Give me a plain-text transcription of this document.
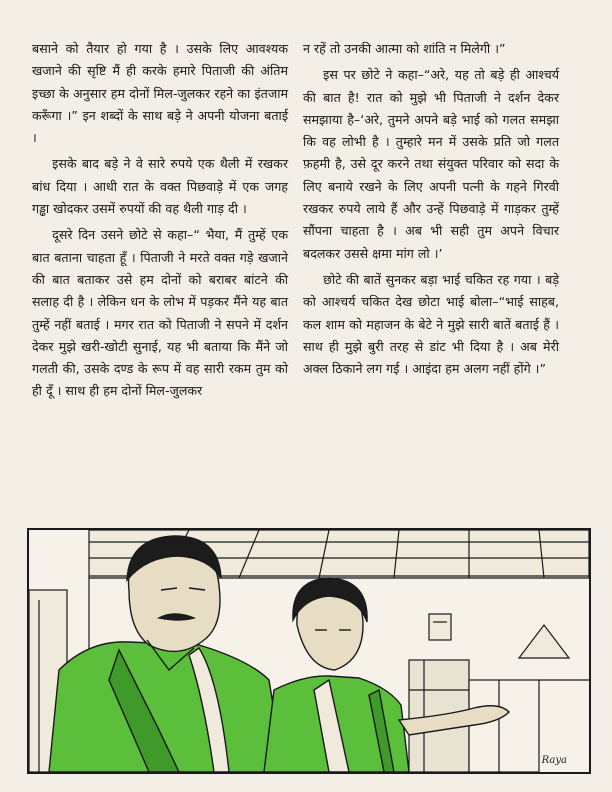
बसाने को तैयार हो गया है । उसके लिए आवश्यक खजाने की सृष्टि मैं ही करके हमारे पिताजी की अंतिम इच्छा के अनुसार हम दोनों मिल-जुलकर रहने का इंतजाम करूँगा ।” इन शब्दों के साथ बड़े ने अपनी योजना बताई ।

इसके बाद बड़े ने वे सारे रुपये एक थैली में रखकर बांध दिया । आधी रात के वक्त पिछवाड़े में एक जगह गड्ढा खोदकर उसमें रुपयों की वह थैली गाड़ दी ।

दूसरे दिन उसने छोटे से कहा–“ भैया, मैं तुम्हें एक बात बताना चाहता हूँ । पिताजी ने मरते वक्त गड़े खजाने की बात बताकर उसे हम दोनों को बराबर बांटने की सलाह दी है । लेकिन धन के लोभ में पड़कर मैंने यह बात तुम्हें नहीं बताई । मगर रात को पिताजी ने सपने में दर्शन देकर मुझे खरी-खोटी सुनाई, यह भी बताया कि मैंने जो गलती की, उसके दण्ड के रूप में वह सारी रकम तुम को ही दूँ । साथ ही हम दोनों मिल-जुलकर

न रहें तो उनकी आत्मा को शांति न मिलेगी ।”

इस पर छोटे ने कहा–“अरे, यह तो बड़े ही आश्चर्य की बात है! रात को मुझे भी पिताजी ने दर्शन देकर समझाया है–‘अरे, तुमने अपने बड़े भाई को गलत समझा कि वह लोभी है । तुम्हारे मन में उसके प्रति जो गलत फ़हमी है, उसे दूर करने तथा संयुक्त परिवार को सदा के लिए बनाये रखने के लिए अपनी पत्नी के गहने गिरवी रखकर रुपये लाये हैं और उन्हें पिछवाड़े में गाड़कर तुम्हें सौंपना चाहता है । अब भी सही तुम अपने विचार बदलकर उससे क्षमा मांग लो ।’

छोटे की बातें सुनकर बड़ा भाई चकित रह गया । बड़े को आश्चर्य चकित देख छोटा भाई बोला–“भाई साहब, कल शाम को महाजन के बेटे ने मुझे सारी बातें बताई हैं । साथ ही मुझे बुरी तरह से डांट भी दिया है । अब मेरी अक्ल ठिकाने लग गई । आइंदा हम अलग नहीं होंगे ।”

Raya
